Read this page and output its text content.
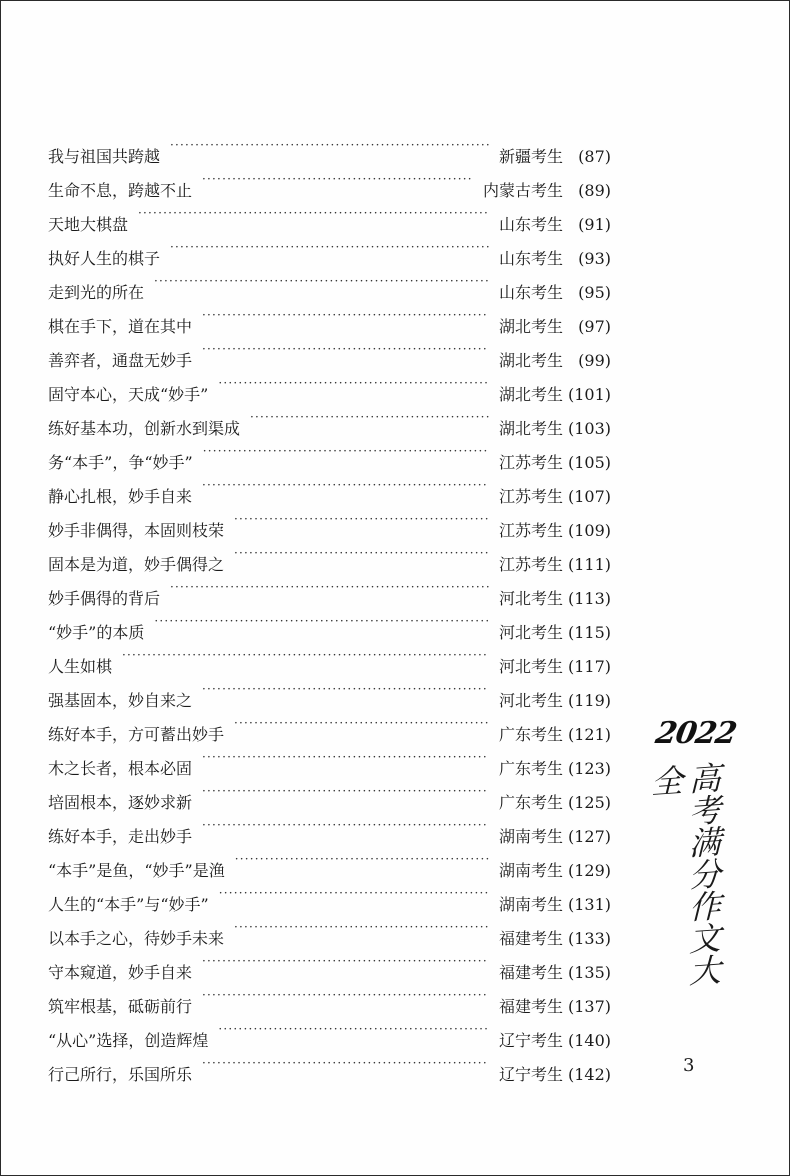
我与祖国共跨越 ·····	新疆考生 (87)
生命不息，跨越不止 ·····	内蒙古考生 (89)
天地大棋盘 ·····	山东考生 (91)
执好人生的棋子 ·····	山东考生 (93)
走到光的所在 ·····	山东考生 (95)
棋在手下，道在其中 ·····	湖北考生 (97)
善弈者，通盘无妙手 ·····	湖北考生 (99)
固守本心，天成“妙手” ·····	湖北考生 (101)
练好基本功，创新水到渠成 ·····	湖北考生 (103)
务“本手”，争“妙手” ·····	江苏考生 (105)
静心扎根，妙手自来 ·····	江苏考生 (107)
妙手非偶得，本固则枝荣 ·····	江苏考生 (109)
固本是为道，妙手偶得之 ·····	江苏考生 (111)
妙手偶得的背后 ·····	河北考生 (113)
“妙手”的本质 ·····	河北考生 (115)
人生如棋 ·····	河北考生 (117)
强基固本，妙自来之 ·····	河北考生 (119)
练好本手，方可蓄出妙手 ·····	广东考生 (121)
木之长者，根本必固 ·····	广东考生 (123)
培固根本，逐妙求新 ·····	广东考生 (125)
练好本手，走出妙手 ·····	湖南考生 (127)
“本手”是鱼，“妙手”是渔 ·····	湖南考生 (129)
人生的“本手”与“妙手” ·····	湖南考生 (131)
以本手之心，待妙手未来 ·····	福建考生 (133)
守本窥道，妙手自来 ·····	福建考生 (135)
筑牢根基，砥砺前行 ·····	福建考生 (137)
“从心”选择，创造辉煌 ·····	辽宁考生 (140)
行己所行，乐国所乐 ·····	辽宁考生 (142)
2022
高考满分作文大全
3
